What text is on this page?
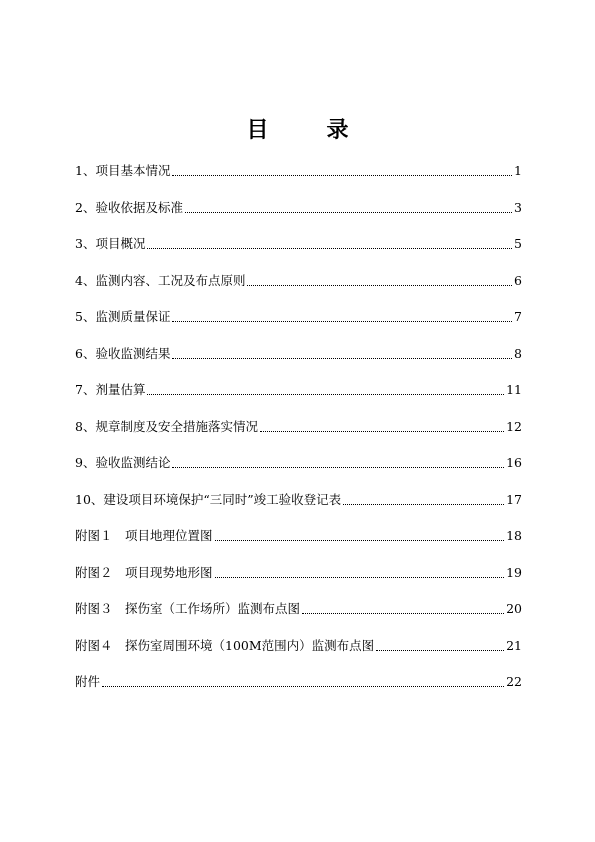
目　录
1、项目基本情况	1
2、验收依据及标准	3
3、项目概况	5
4、监测内容、工况及布点原则	6
5、监测质量保证	7
6、验收监测结果	8
7、剂量估算	11
8、规章制度及安全措施落实情况	12
9、验收监测结论	16
10、建设项目环境保护“三同时”竣工验收登记表	17
附图１　项目地理位置图	18
附图２　项目现势地形图	19
附图３　探伤室（工作场所）监测布点图	20
附图４　探伤室周围环境（100M范围内）监测布点图	21
附件	22
